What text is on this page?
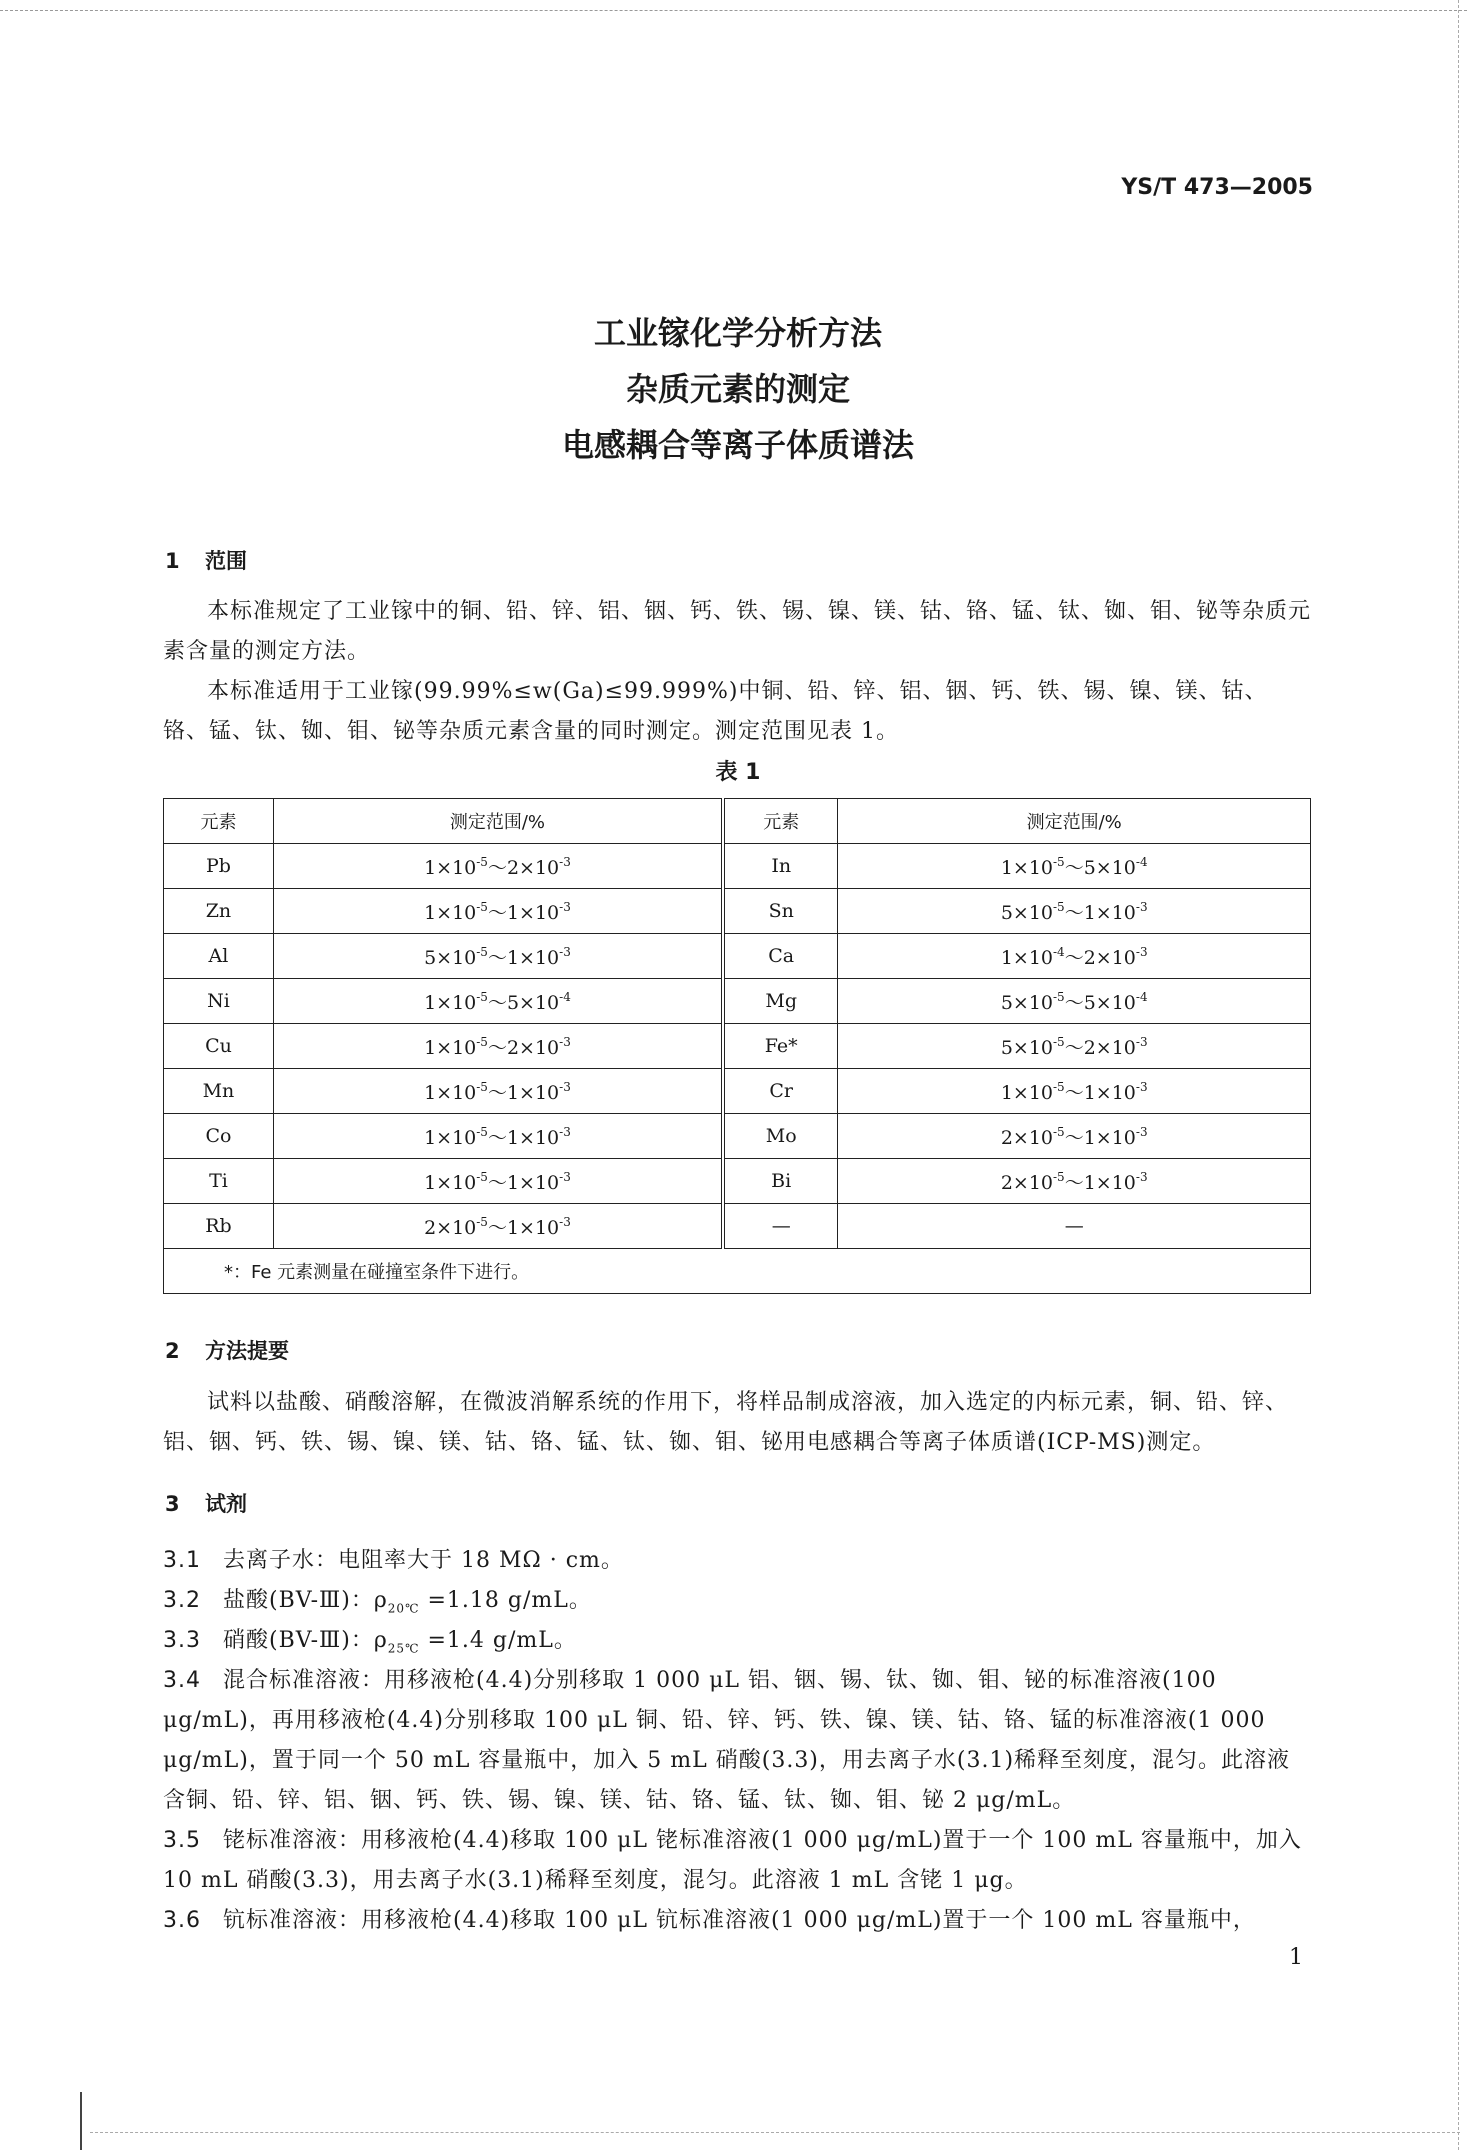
YS/T 473—2005
工业镓化学分析方法
杂质元素的测定
电感耦合等离子体质谱法
1 范围
本标准规定了工业镓中的铜、铅、锌、铝、铟、钙、铁、锡、镍、镁、钴、铬、锰、钛、铷、钼、铋等杂质元素含量的测定方法。
本标准适用于工业镓(99.99%≤w(Ga)≤99.999%)中铜、铅、锌、铝、铟、钙、铁、锡、镍、镁、钴、铬、锰、钛、铷、钼、铋等杂质元素含量的同时测定。测定范围见表 1。
表 1
元素	测定范围/%	元素	测定范围/%
Pb	$1\times 10^{-5}\sim 2\times 10^{-3}$	In	$1\times 10^{-5}\sim 5\times 10^{-4}$
Zn	$1\times 10^{-5}\sim 1\times 10^{-3}$	Sn	$5\times 10^{-5}\sim 1\times 10^{-3}$
Al	$5\times 10^{-5}\sim 1\times 10^{-3}$	Ca	$1\times 10^{-4}\sim 2\times 10^{-3}$
Ni	$1\times 10^{-5}\sim 5\times 10^{-4}$	Mg	$5\times 10^{-5}\sim 5\times 10^{-4}$
Cu	$1\times 10^{-5}\sim 2\times 10^{-3}$	Fe*	$5\times 10^{-5}\sim 2\times 10^{-3}$
Mn	$1\times 10^{-5}\sim 1\times 10^{-3}$	Cr	$1\times 10^{-5}\sim 1\times 10^{-3}$
Co	$1\times 10^{-5}\sim 1\times 10^{-3}$	Mo	$2\times 10^{-5}\sim 1\times 10^{-3}$
Ti	$1\times 10^{-5}\sim 1\times 10^{-3}$	Bi	$2\times 10^{-5}\sim 1\times 10^{-3}$
Rb	$2\times 10^{-5}\sim 1\times 10^{-3}$	—	—
*：Fe 元素测量在碰撞室条件下进行。			
2 方法提要
试料以盐酸、硝酸溶解，在微波消解系统的作用下，将样品制成溶液，加入选定的内标元素，铜、铅、锌、铝、铟、钙、铁、锡、镍、镁、钴、铬、锰、钛、铷、钼、铋用电感耦合等离子体质谱(ICP-MS)测定。
3 试剂
3.1 去离子水：电阻率大于 18 MΩ · cm。
3.2 盐酸(BV-Ⅲ)：$\rho_{20℃} =1.18$ g/mL。
3.3 硝酸(BV-Ⅲ)：$\rho_{25℃} =1.4$ g/mL。
3.4 混合标准溶液：用移液枪(4.4)分别移取 1 000 μL 铝、铟、锡、钛、铷、钼、铋的标准溶液(100 μg/mL)，再用移液枪(4.4)分别移取 100 μL 铜、铅、锌、钙、铁、镍、镁、钴、铬、锰的标准溶液(1 000 μg/mL)，置于同一个 50 mL 容量瓶中，加入 5 mL 硝酸(3.3)，用去离子水(3.1)稀释至刻度，混匀。此溶液含铜、铅、锌、铝、铟、钙、铁、锡、镍、镁、钴、铬、锰、钛、铷、钼、铋 2 μg/mL。
3.5 铑标准溶液：用移液枪(4.4)移取 100 μL 铑标准溶液(1 000 μg/mL)置于一个 100 mL 容量瓶中，加入 10 mL 硝酸(3.3)，用去离子水(3.1)稀释至刻度，混匀。此溶液 1 mL 含铑 1 μg。
3.6 钪标准溶液：用移液枪(4.4)移取 100 μL 钪标准溶液(1 000 μg/mL)置于一个 100 mL 容量瓶中，
1
